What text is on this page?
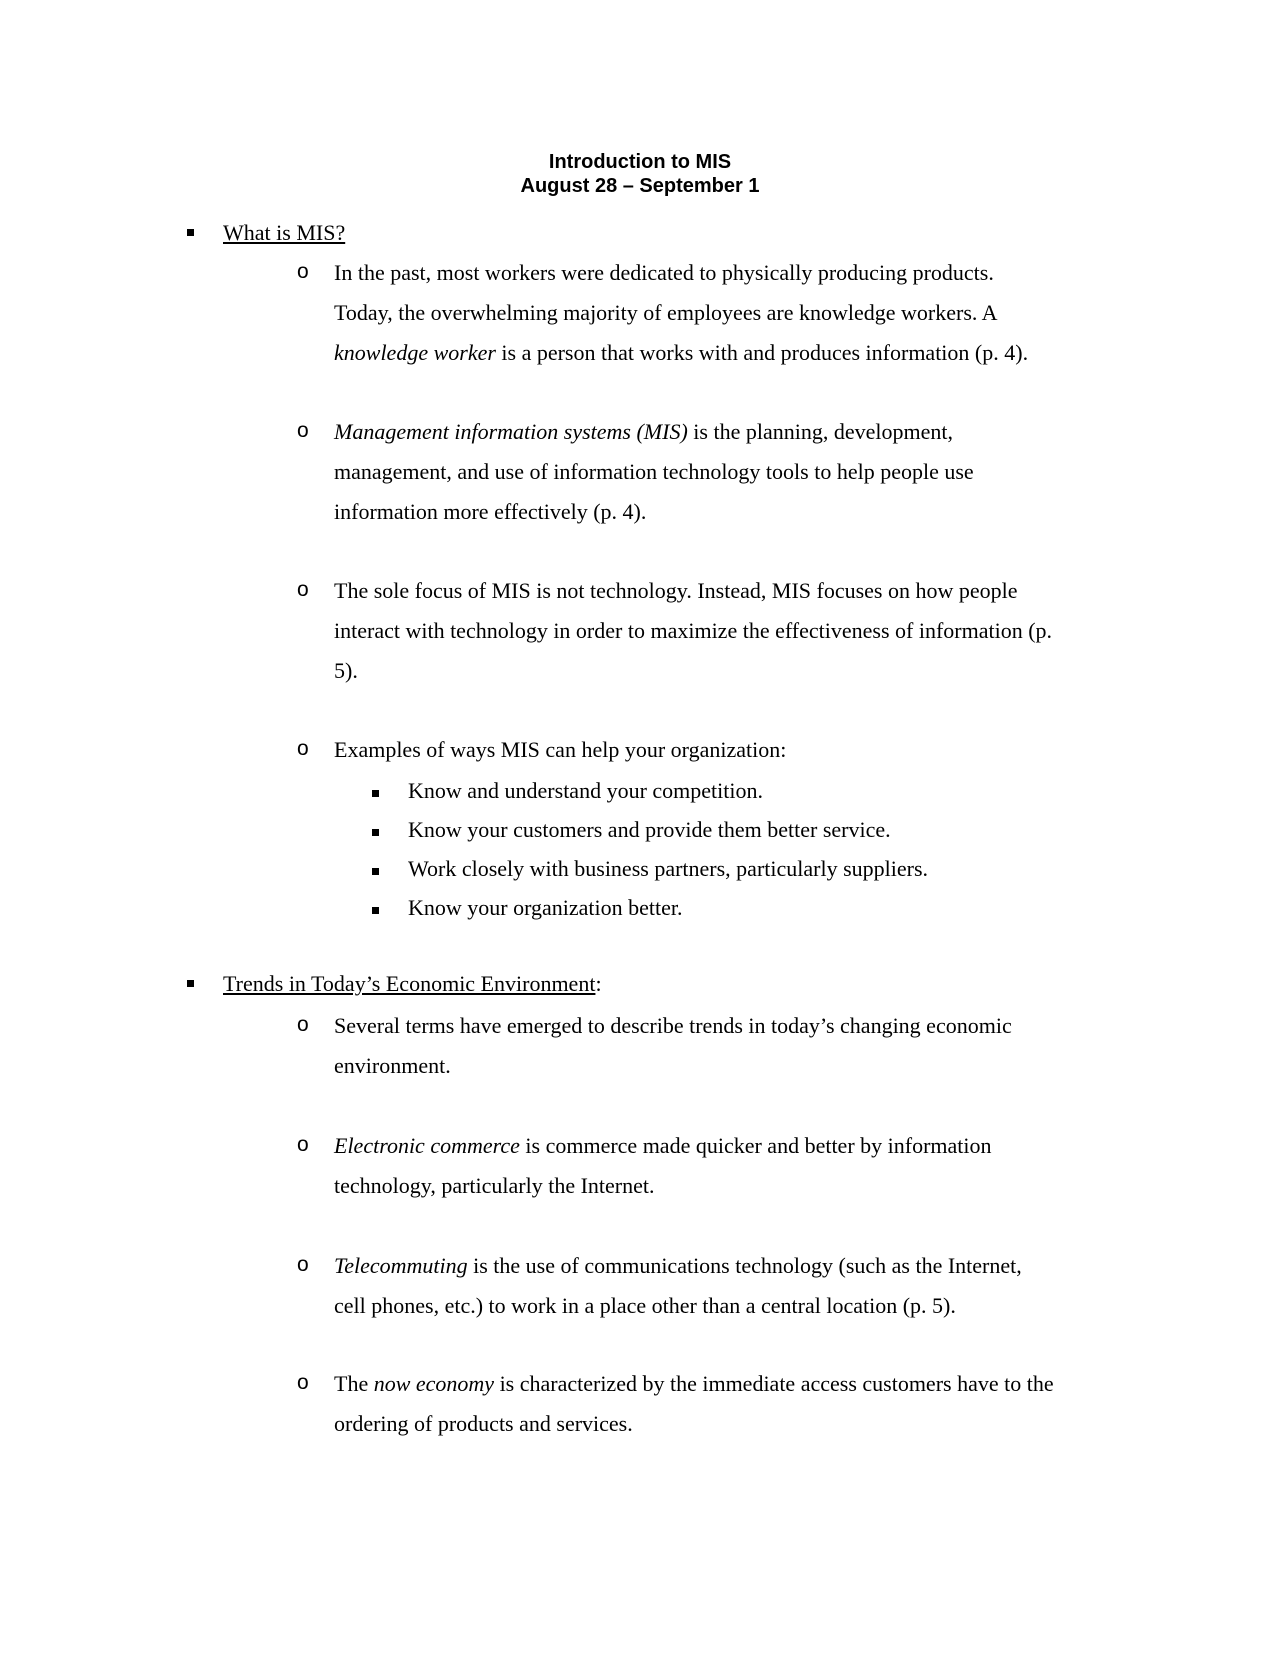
Introduction to MIS
August 28 – September 1
What is MIS?
o In the past, most workers were dedicated to physically producing products.
Today, the overwhelming majority of employees are knowledge workers. A
knowledge worker is a person that works with and produces information (p. 4).
o Management information systems (MIS) is the planning, development,
management, and use of information technology tools to help people use
information more effectively (p. 4).
o The sole focus of MIS is not technology. Instead, MIS focuses on how people
interact with technology in order to maximize the effectiveness of information (p.
5).
o Examples of ways MIS can help your organization:
Know and understand your competition.
Know your customers and provide them better service.
Work closely with business partners, particularly suppliers.
Know your organization better.
Trends in Today’s Economic Environment:
o Several terms have emerged to describe trends in today’s changing economic
environment.
o Electronic commerce is commerce made quicker and better by information
technology, particularly the Internet.
o Telecommuting is the use of communications technology (such as the Internet,
cell phones, etc.) to work in a place other than a central location (p. 5).
o The now economy is characterized by the immediate access customers have to the
ordering of products and services.
